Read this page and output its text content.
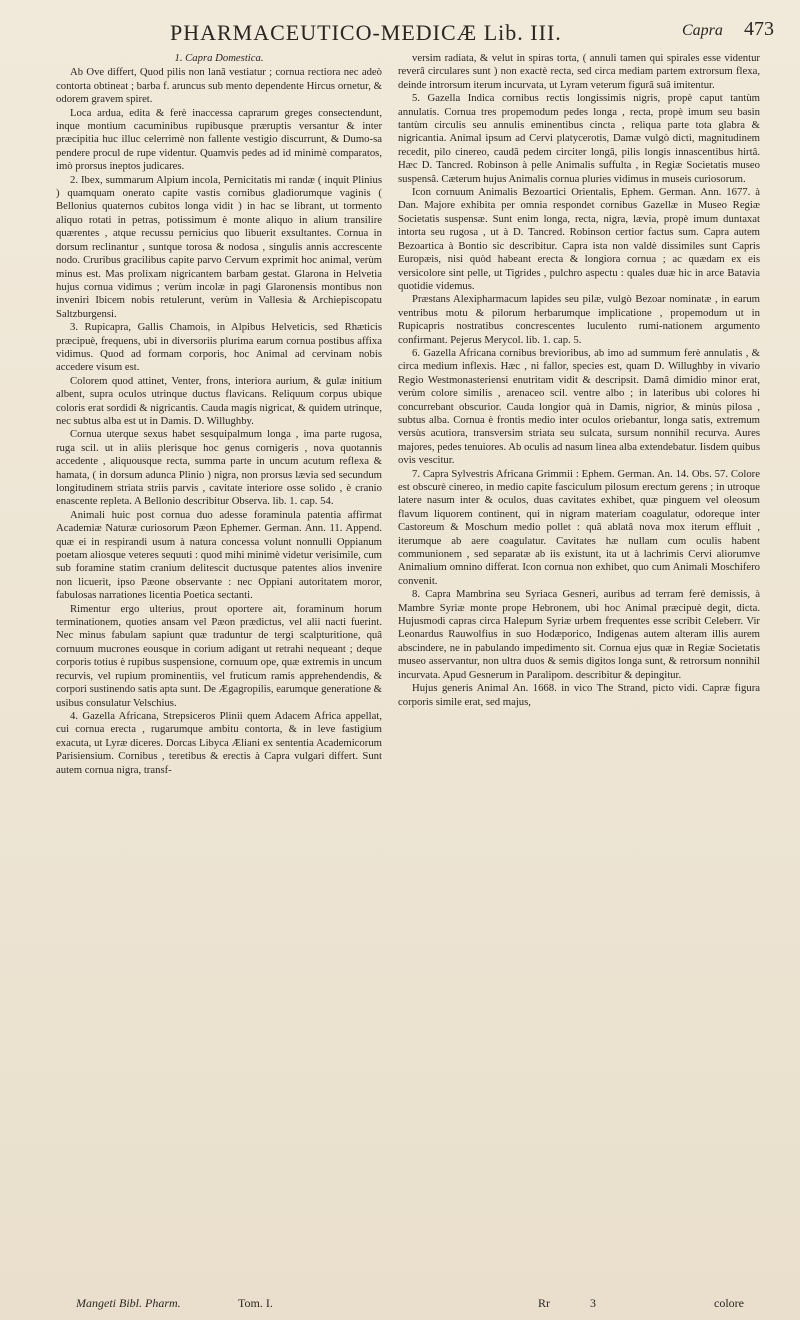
PHARMACEUTICO-MEDICÆ Lib. III.	Capra 473

1. Capra Domestica.

Ab Ove differt, Quod pilis non lanâ vestiatur ; cornua rectiora nec adeò contorta obtineat ; barba f. aruncus sub mento dependente Hircus ornetur, & odorem gravem spiret.

Loca ardua, edita & ferè inaccessa caprarum greges consectendunt, inque montium cacuminibus rupibusque præruptis versantur & inter præcipitia huc illuc celerrimè non fallente vestigio discurrunt, & Dumo-sa pendere procul de rupe videntur. Quamvis pedes ad id minimè comparatos, imò prorsus ineptos judicares.

2. Ibex, summarum Alpium incola, Pernicitatis mi randæ ( inquit Plinius ) quamquam onerato capite vastis cornibus gladiorumque vaginis ( Bellonius quaternos cubitos longa vidit ) in hac se librant, ut tormento aliquo rotati in petras, potissimum è monte aliquo in alium transilire quærentes , atque recussu pernicius quo libuerit exsultantes. Cornua in dorsum reclinantur , suntque torosa & nodosa , singulis annis accrescente nodo. Cruribus gracilibus capite parvo Cervum exprimit hoc animal, verùm minus est. Mas prolixam nigricantem barbam gestat. Glarona in Helvetia hujus cornua vidimus ; verùm incolæ in pagi Glaronensis montibus non inveniri Ibicem nobis retulerunt, verùm in Vallesia & Archiepiscopatu Saltzburgensi.

3. Rupicapra, Gallis Chamois, in Alpibus Helveticis, sed Rhæticis præcipuè, frequens, ubi in diversoriis plurima earum cornua postibus affixa vidimus. Quod ad formam corporis, hoc Animal ad cervinam nobis accedere visum est.

Colorem quod attinet, Venter, frons, interiora aurium, & gulæ initium albent, supra oculos utrinque ductus flavicans. Reliquum corpus ubique coloris erat sordidi & nigricantis. Cauda magis nigricat, & quidem utrinque, nec subtus alba est ut in Damis. D. Willughby.

Cornua uterque sexus habet sesquipalmum longa , ima parte rugosa, ruga scil. ut in aliis plerisque hoc genus cornigeris , nova quotannis accedente , aliquousque recta, summa parte in uncum acutum reflexa & hamata, ( in dorsum adunca Plinio ) nigra, non prorsus lævia sed secundum longitudinem striata striis parvis , cavitate interiore osse solido , è cranio enascente repleta. A Bellonio describitur Observa. lib. 1. cap. 54.

Animali huic post cornua duo adesse foraminula patentia affirmat Academiæ Naturæ curiosorum Pæon Ephemer. German. Ann. 11. Append. quæ ei in respirandi usum à natura concessa volunt nonnulli Oppianum poetam aliosque veteres sequuti : quod mihi minimè videtur verisimile, cum sub foramine statim cranium delitescit ductusque patentes alios invenire non licuerit, ipso Pæone observante : nec Oppiani autoritatem moror, fabulosas narrationes licentia Poetica sectanti.

Rimentur ergo ulterius, prout oportere ait, foraminum horum terminationem, quoties ansam vel Pæon prædictus, vel alii nacti fuerint. Nec minus fabulam sapiunt quæ traduntur de tergi scalpturitione, quâ cornuum mucrones eousque in corium adigant ut retrahi nequeant ; deque corporis totius è rupibus suspensione, cornuum ope, quæ extremis in uncum recurvis, vel rupium prominentiis, vel fruticum ramis apprehendendis, & corpori sustinendo satis apta sunt. De Ægagropilis, earumque generatione & usibus consulatur Velschius.

4. Gazella Africana, Strepsiceros Plinii quem Adacem Africa appellat, cui cornua erecta , rugarumque ambitu contorta, & in leve fastigium exacuta, ut Lyræ diceres. Dorcas Libyca Æliani ex sententia Academicorum Parisiensium. Cornibus , teretibus & erectis à Capra vulgari differt. Sunt autem cornua nigra, transf-

versim radiata, & velut in spiras torta, ( annuli tamen qui spirales esse videntur reverâ circulares sunt ) non exactè recta, sed circa mediam partem extrorsum flexa, deinde introrsum iterum incurvata, ut Lyram veterum figurâ suâ imitentur.

5. Gazella Indica cornibus rectis longissimis nigris, propè caput tantùm annulatis. Cornua tres propemodum pedes longa , recta, propè imum seu basin tantùm circulis seu annulis eminentibus cincta , reliqua parte tota glabra & nigricantia. Animal ipsum ad Cervi platycerotis, Damæ vulgò dicti, magnitudinem recedit, pilo cinereo, caudâ pedem circiter longâ, pilis longis innascentibus hirtâ. Hæc D. Tancred. Robinson à pelle Animalis suffulta , in Regiæ Societatis museo suspensâ. Cæterum hujus Animalis cornua pluries vidimus in museis curiosorum.

Icon cornuum Animalis Bezoartici Orientalis, Ephem. German. Ann. 1677. à Dan. Majore exhibita per omnia respondet cornibus Gazellæ in Museo Regiæ Societatis suspensæ. Sunt enim longa, recta, nigra, lævia, propè imum duntaxat intorta seu rugosa , ut à D. Tancred. Robinson certior factus sum. Capra autem Bezoartica à Bontio sic describitur. Capra ista non valdè dissimiles sunt Capris Europæis, nisi quòd habeant erecta & longiora cornua ; ac quædam ex eis versicolore sint pelle, ut Tigrides , pulchro aspectu : quales duæ hic in arce Batavia quotidie videmus.

Præstans Alexipharmacum lapides seu pilæ, vulgò Bezoar nominatæ , in earum ventribus motu & pilorum herbarumque implicatione , propemodum ut in Rupicapris nostratibus concrescentes luculento rumi-nationem argumento confirmant. Pejerus Merycol. lib. 1. cap. 5.

6. Gazella Africana cornibus brevioribus, ab imo ad summum ferè annulatis , & circa medium inflexis. Hæc , ni fallor, species est, quam D. Willughby in vivario Regio Westmonasteriensi enutritam vidit & descripsit. Damâ dimidio minor erat, verùm colore similis , arenaceo scil. ventre albo ; in lateribus ubi colores hi concurrebant obscurior. Cauda longior quà in Damis, nigrior, & minùs pilosa , subtus alba. Cornua è frontis medio inter oculos oriebantur, longa satis, extremum versùs acutiora, transversim striata seu sulcata, sursum nonnihil recurva. Aures majores, pedes tenuiores. Ab oculis ad nasum linea alba extendebatur. Iisdem quibus ovis vescitur.

7. Capra Sylvestris Africana Grimmii : Ephem. German. An. 14. Obs. 57. Colore est obscurè cinereo, in medio capite fasciculum pilosum erectum gerens ; in utroque latere nasum inter & oculos, duas cavitates exhibet, quæ pinguem vel oleosum flavum liquorem continent, qui in nigram materiam coagulatur, odoreque inter Castoreum & Moschum medio pollet : quâ ablatâ nova mox iterum effluit , iterumque ab aere coagulatur. Cavitates hæ nullam cum oculis habent communionem , sed separatæ ab iis existunt, ita ut à lachrimis Cervi aliorumve Animalium omnino differat. Icon cornua non exhibet, quo cum Animali Moschifero convenit.

8. Capra Mambrina seu Syriaca Gesneri, auribus ad terram ferè demissis, à Mambre Syriæ monte prope Hebronem, ubi hoc Animal præcipuè degit, dicta. Hujusmodi capras circa Halepum Syriæ urbem frequentes esse scribit Celeberr. Vir Leonardus Rauwolfius in suo Hodæporico, Indigenas autem alteram illis aurem abscindere, ne in pabulando impedimento sit. Cornua ejus quæ in Regiæ Societatis museo asservantur, non ultra duos & semis digitos longa sunt, & retrorsum nonnihil incurvata. Apud Gesnerum in Paralipom. describitur & depingitur.

Hujus generis Animal An. 1668. in vico The Strand, picto vidi. Capræ figura corporis simile erat, sed majus,

Mangeti Bibl. Pharm.	Tom. I.	Rr	3	colore
